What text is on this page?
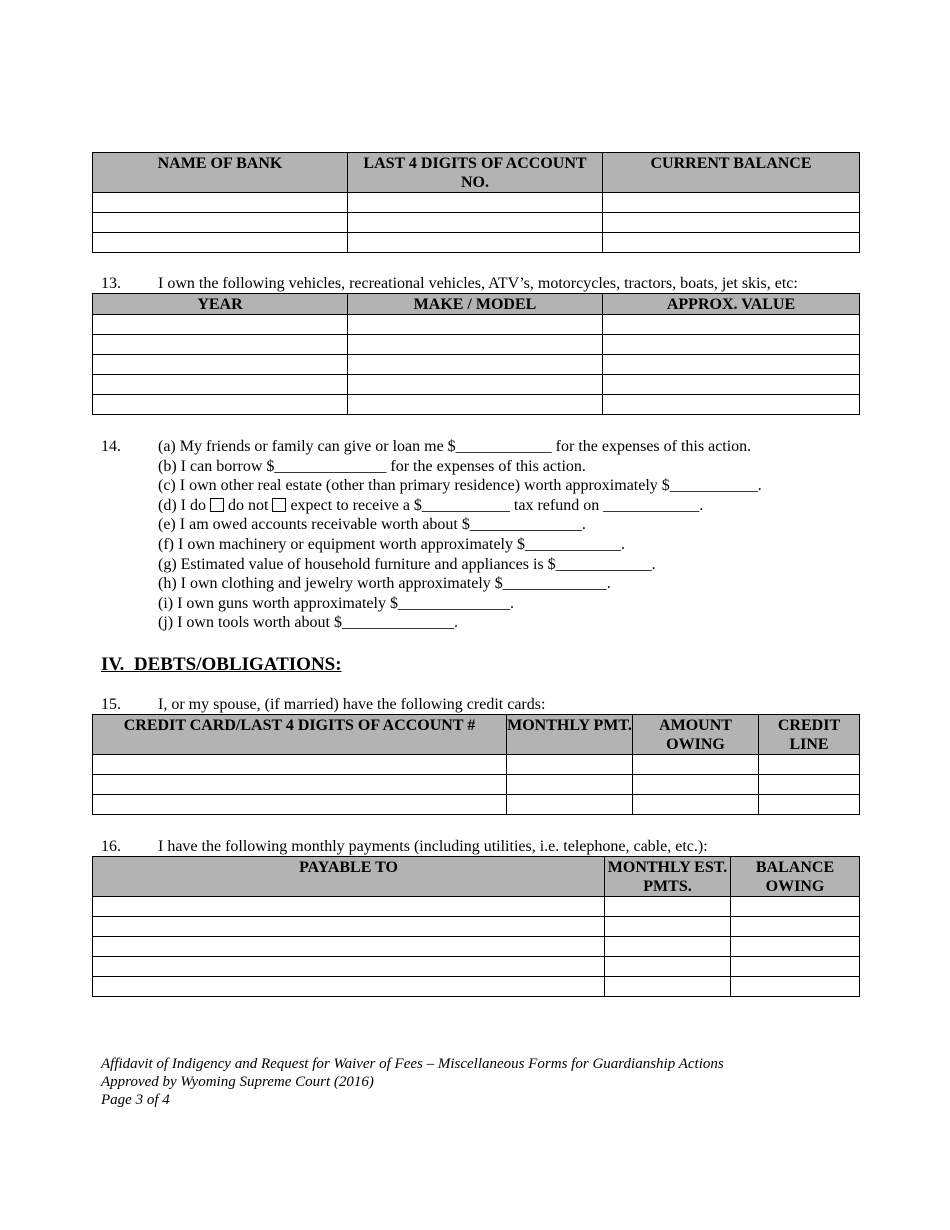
NAME OF BANK	LAST 4 DIGITS OF ACCOUNT NO.	CURRENT BALANCE

13. I own the following vehicles, recreational vehicles, ATV’s, motorcycles, tractors, boats, jet skis, etc:
YEAR	MAKE / MODEL	APPROX. VALUE

14. (a) My friends or family can give or loan me $____________ for the expenses of this action.
(b) I can borrow $______________ for the expenses of this action.
(c) I own other real estate (other than primary residence) worth approximately $___________.
(d) I do do not expect to receive a $___________ tax refund on ____________.
(e) I am owed accounts receivable worth about $______________.
(f) I own machinery or equipment worth approximately $____________.
(g) Estimated value of household furniture and appliances is $____________.
(h) I own clothing and jewelry worth approximately $_____________.
(i) I own guns worth approximately $______________.
(j) I own tools worth about $______________.
IV.  DEBTS/OBLIGATIONS:
15. I, or my spouse, (if married) have the following credit cards:
CREDIT CARD/LAST 4 DIGITS OF ACCOUNT #	MONTHLY PMT.	AMOUNT OWING	CREDIT LINE

16. I have the following monthly payments (including utilities, i.e. telephone, cable, etc.):
PAYABLE TO	MONTHLY EST. PMTS.	BALANCE OWING

Affidavit of Indigency and Request for Waiver of Fees – Miscellaneous Forms for Guardianship Actions
Approved by Wyoming Supreme Court (2016)
Page 3 of 4
